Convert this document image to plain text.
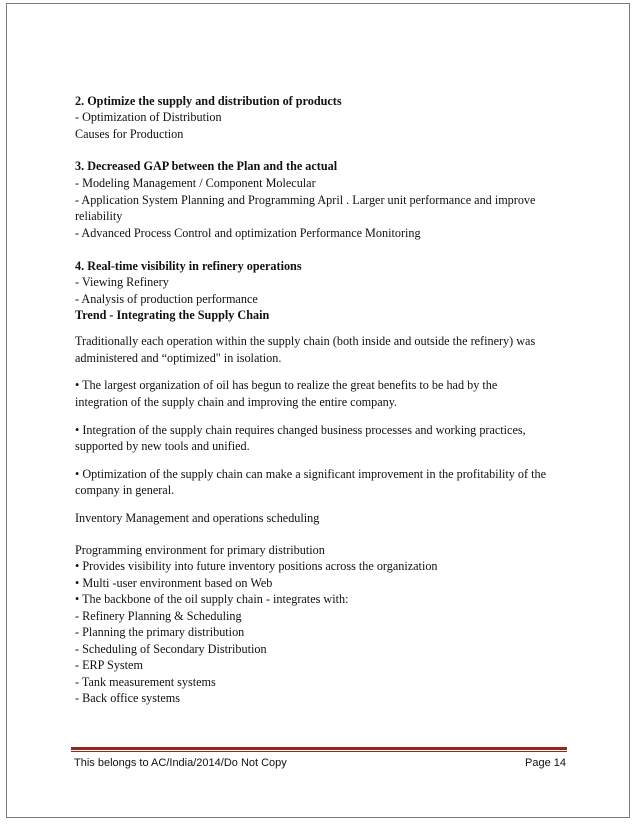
2. Optimize the supply and distribution of products
- Optimization of Distribution
Causes for Production
3. Decreased GAP between the Plan and the actual
- Modeling Management / Component Molecular
- Application System Planning and Programming April . Larger unit performance and improve
reliability
- Advanced Process Control and optimization Performance Monitoring
4. Real-time visibility in refinery operations
- Viewing Refinery
- Analysis of production performance
Trend - Integrating the Supply Chain
Traditionally each operation within the supply chain (both inside and outside the refinery) was
administered and “optimized" in isolation.
• The largest organization of oil has begun to realize the great benefits to be had by the
integration of the supply chain and improving the entire company.
• Integration of the supply chain requires changed business processes and working practices,
supported by new tools and unified.
• Optimization of the supply chain can make a significant improvement in the profitability of the
company in general.
Inventory Management and operations scheduling
Programming environment for primary distribution
• Provides visibility into future inventory positions across the organization
• Multi -user environment based on Web
• The backbone of the oil supply chain - integrates with:
- Refinery Planning & Scheduling
- Planning the primary distribution
- Scheduling of Secondary Distribution
- ERP System
- Tank measurement systems
- Back office systems
This belongs to AC/India/2014/Do Not Copy	Page 14
